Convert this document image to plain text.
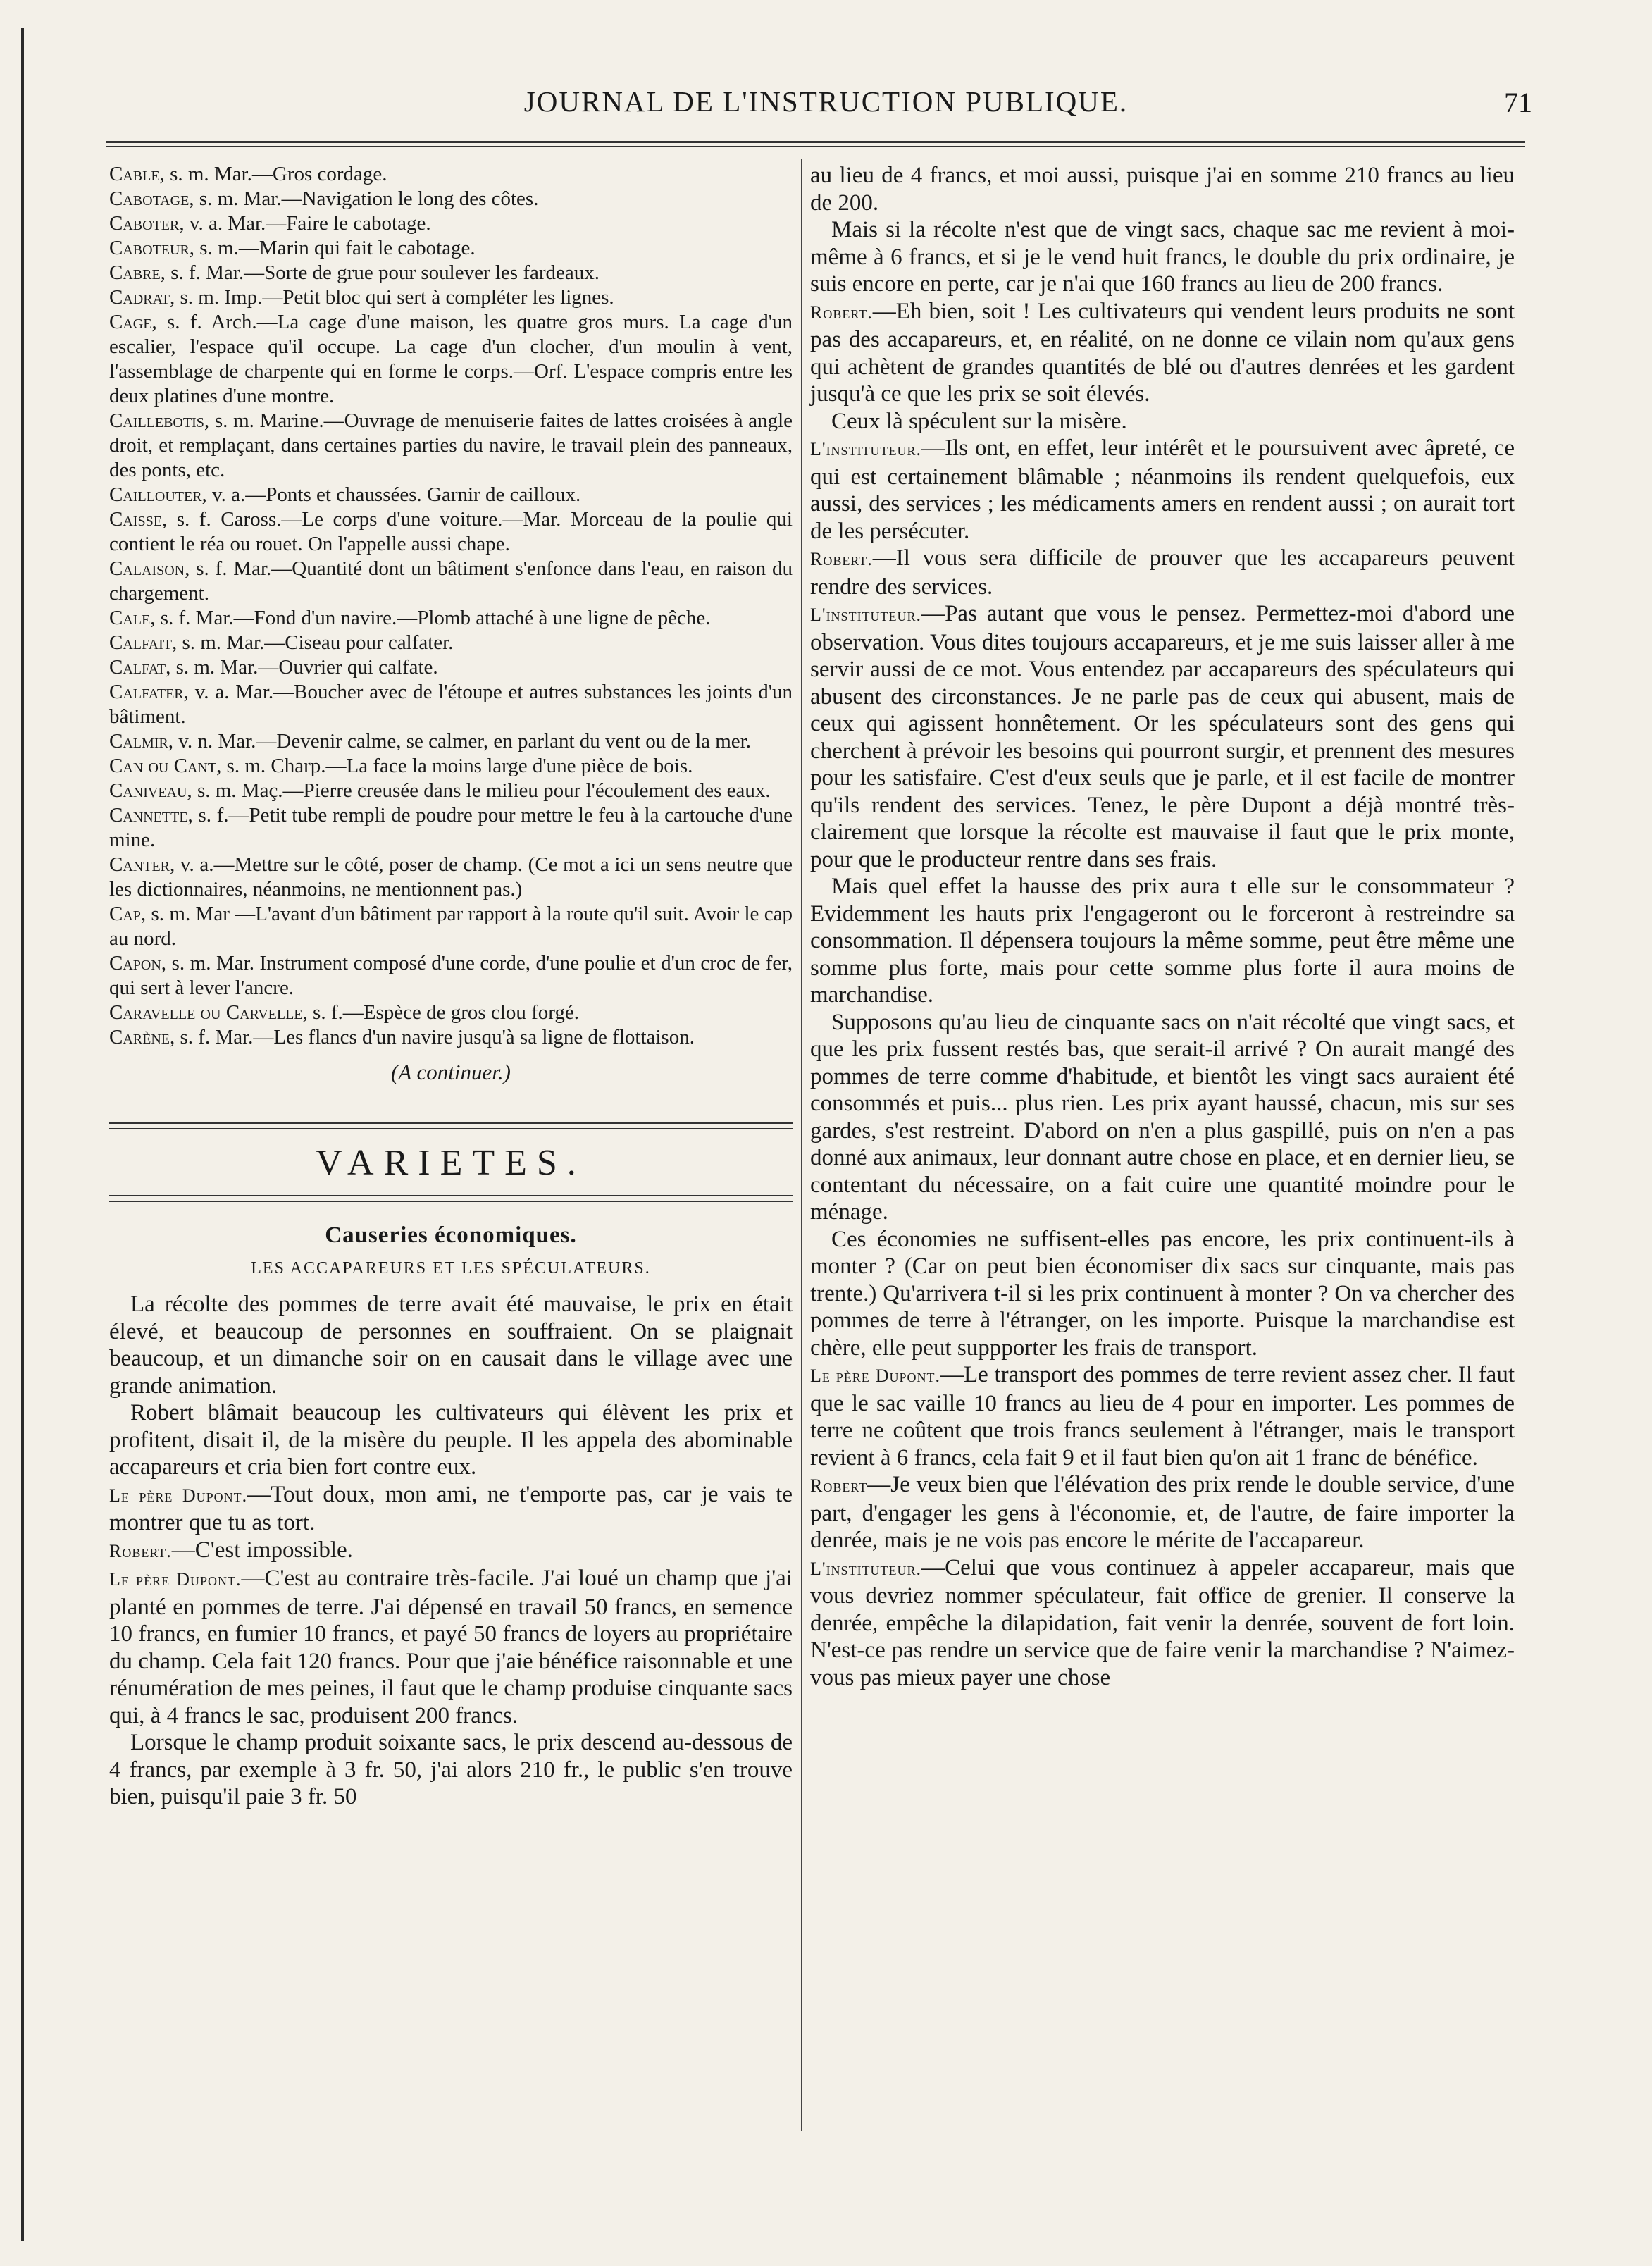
JOURNAL DE L'INSTRUCTION PUBLIQUE.	71

Cable, s. m. Mar.—Gros cordage.

Cabotage, s. m. Mar.—Navigation le long des côtes.

Caboter, v. a. Mar.—Faire le cabotage.

Caboteur, s. m.—Marin qui fait le cabotage.

Cabre, s. f. Mar.—Sorte de grue pour soulever les fardeaux.

Cadrat, s. m. Imp.—Petit bloc qui sert à compléter les lignes.

Cage, s. f. Arch.—La cage d'une maison, les quatre gros murs. La cage d'un escalier, l'espace qu'il occupe. La cage d'un clocher, d'un moulin à vent, l'assemblage de charpente qui en forme le corps.—Orf. L'espace compris entre les deux platines d'une montre.

Caillebotis, s. m. Marine.—Ouvrage de menuiserie faites de lattes croisées à angle droit, et remplaçant, dans certaines parties du navire, le travail plein des panneaux, des ponts, etc.

Caillouter, v. a.—Ponts et chaussées. Garnir de cailloux.

Caisse, s. f. Caross.—Le corps d'une voiture.—Mar. Morceau de la poulie qui contient le réa ou rouet. On l'appelle aussi chape.

Calaison, s. f. Mar.—Quantité dont un bâtiment s'enfonce dans l'eau, en raison du chargement.

Cale, s. f. Mar.—Fond d'un navire.—Plomb attaché à une ligne de pêche.

Calfait, s. m. Mar.—Ciseau pour calfater.

Calfat, s. m. Mar.—Ouvrier qui calfate.

Calfater, v. a. Mar.—Boucher avec de l'étoupe et autres substances les joints d'un bâtiment.

Calmir, v. n. Mar.—Devenir calme, se calmer, en parlant du vent ou de la mer.

Can ou Cant, s. m. Charp.—La face la moins large d'une pièce de bois.

Caniveau, s. m. Maç.—Pierre creusée dans le milieu pour l'écoulement des eaux.

Cannette, s. f.—Petit tube rempli de poudre pour mettre le feu à la cartouche d'une mine.

Canter, v. a.—Mettre sur le côté, poser de champ. (Ce mot a ici un sens neutre que les dictionnaires, néanmoins, ne mentionnent pas.)

Cap, s. m. Mar —L'avant d'un bâtiment par rapport à la route qu'il suit. Avoir le cap au nord.

Capon, s. m. Mar. Instrument composé d'une corde, d'une poulie et d'un croc de fer, qui sert à lever l'ancre.

Caravelle ou Carvelle, s. f.—Espèce de gros clou forgé.

Carène, s. f. Mar.—Les flancs d'un navire jusqu'à sa ligne de flottaison.

(A continuer.)
VARIETES.
Causeries économiques.
LES ACCAPAREURS ET LES SPÉCULATEURS.

La récolte des pommes de terre avait été mauvaise, le prix en était élevé, et beaucoup de personnes en souffraient. On se plaignait beaucoup, et un dimanche soir on en causait dans le village avec une grande animation.

Robert blâmait beaucoup les cultivateurs qui élèvent les prix et profitent, disait il, de la misère du peuple. Il les appela des abominable accapareurs et cria bien fort contre eux.

Le père Dupont.—Tout doux, mon ami, ne t'emporte pas, car je vais te montrer que tu as tort.

Robert.—C'est impossible.

Le père Dupont.—C'est au contraire très-facile. J'ai loué un champ que j'ai planté en pommes de terre. J'ai dépensé en travail 50 francs, en semence 10 francs, en fumier 10 francs, et payé 50 francs de loyers au propriétaire du champ. Cela fait 120 francs. Pour que j'aie bénéfice raisonnable et une rénumération de mes peines, il faut que le champ produise cinquante sacs qui, à 4 francs le sac, produisent 200 francs.

Lorsque le champ produit soixante sacs, le prix descend au-dessous de 4 francs, par exemple à 3 fr. 50, j'ai alors 210 fr., le public s'en trouve bien, puisqu'il paie 3 fr. 50

au lieu de 4 francs, et moi aussi, puisque j'ai en somme 210 francs au lieu de 200.

Mais si la récolte n'est que de vingt sacs, chaque sac me revient à moi-même à 6 francs, et si je le vend huit francs, le double du prix ordinaire, je suis encore en perte, car je n'ai que 160 francs au lieu de 200 francs.

Robert.—Eh bien, soit ! Les cultivateurs qui vendent leurs produits ne sont pas des accapareurs, et, en réalité, on ne donne ce vilain nom qu'aux gens qui achètent de grandes quantités de blé ou d'autres denrées et les gardent jusqu'à ce que les prix se soit élevés.

Ceux là spéculent sur la misère.

L'instituteur.—Ils ont, en effet, leur intérêt et le poursuivent avec âpreté, ce qui est certainement blâmable ; néanmoins ils rendent quelquefois, eux aussi, des services ; les médicaments amers en rendent aussi ; on aurait tort de les persécuter.

Robert.—Il vous sera difficile de prouver que les accapareurs peuvent rendre des services.

L'instituteur.—Pas autant que vous le pensez. Permettez-moi d'abord une observation. Vous dites toujours accapareurs, et je me suis laisser aller à me servir aussi de ce mot. Vous entendez par accapareurs des spéculateurs qui abusent des circonstances. Je ne parle pas de ceux qui abusent, mais de ceux qui agissent honnêtement. Or les spéculateurs sont des gens qui cherchent à prévoir les besoins qui pourront surgir, et prennent des mesures pour les satisfaire. C'est d'eux seuls que je parle, et il est facile de montrer qu'ils rendent des services. Tenez, le père Dupont a déjà montré très-clairement que lorsque la récolte est mauvaise il faut que le prix monte, pour que le producteur rentre dans ses frais.

Mais quel effet la hausse des prix aura t elle sur le consommateur ? Evidemment les hauts prix l'engageront ou le forceront à restreindre sa consommation. Il dépensera toujours la même somme, peut être même une somme plus forte, mais pour cette somme plus forte il aura moins de marchandise.

Supposons qu'au lieu de cinquante sacs on n'ait récolté que vingt sacs, et que les prix fussent restés bas, que serait-il arrivé ? On aurait mangé des pommes de terre comme d'habitude, et bientôt les vingt sacs auraient été consommés et puis... plus rien. Les prix ayant haussé, chacun, mis sur ses gardes, s'est restreint. D'abord on n'en a plus gaspillé, puis on n'en a pas donné aux animaux, leur donnant autre chose en place, et en dernier lieu, se contentant du nécessaire, on a fait cuire une quantité moindre pour le ménage.

Ces économies ne suffisent-elles pas encore, les prix continuent-ils à monter ? (Car on peut bien économiser dix sacs sur cinquante, mais pas trente.) Qu'arrivera t-il si les prix continuent à monter ? On va chercher des pommes de terre à l'étranger, on les importe. Puisque la marchandise est chère, elle peut suppporter les frais de transport.

Le père Dupont.—Le transport des pommes de terre revient assez cher. Il faut que le sac vaille 10 francs au lieu de 4 pour en importer. Les pommes de terre ne coûtent que trois francs seulement à l'étranger, mais le transport revient à 6 francs, cela fait 9 et il faut bien qu'on ait 1 franc de bénéfice.

Robert—Je veux bien que l'élévation des prix rende le double service, d'une part, d'engager les gens à l'économie, et, de l'autre, de faire importer la denrée, mais je ne vois pas encore le mérite de l'accapareur.

L'instituteur.—Celui que vous continuez à appeler accapareur, mais que vous devriez nommer spéculateur, fait office de grenier. Il conserve la denrée, empêche la dilapidation, fait venir la denrée, souvent de fort loin. N'est-ce pas rendre un service que de faire venir la marchandise ? N'aimez-vous pas mieux payer une chose
